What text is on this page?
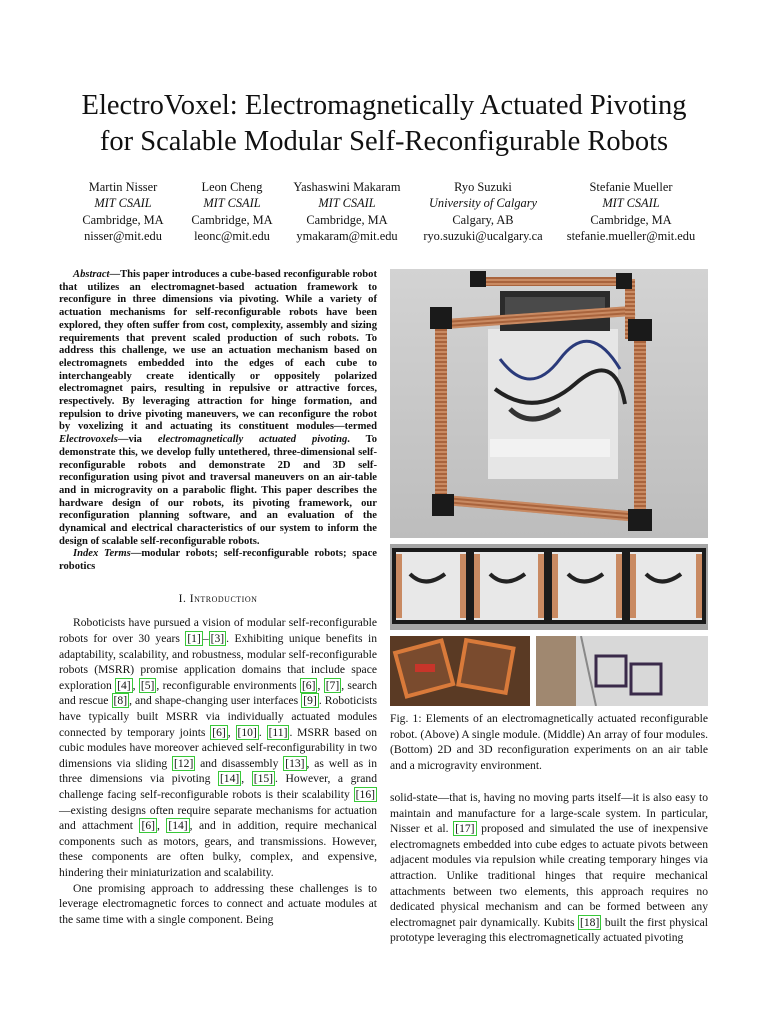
ElectroVoxel: Electromagnetically Actuated Pivoting
for Scalable Modular Self-Reconfigurable Robots
Martin Nisser
MIT CSAIL
Cambridge, MA
nisser@mit.edu
Leon Cheng
MIT CSAIL
Cambridge, MA
leonc@mit.edu
Yashaswini Makaram
MIT CSAIL
Cambridge, MA
ymakaram@mit.edu
Ryo Suzuki
University of Calgary
Calgary, AB
ryo.suzuki@ucalgary.ca
Stefanie Mueller
MIT CSAIL
Cambridge, MA
stefanie.mueller@mit.edu

Abstract—This paper introduces a cube-based reconfigurable robot that utilizes an electromagnet-based actuation framework to reconfigure in three dimensions via pivoting. While a variety of actuation mechanisms for self-reconfigurable robots have been explored, they often suffer from cost, complexity, assembly and sizing requirements that prevent scaled production of such robots. To address this challenge, we use an actuation mechanism based on electromagnets embedded into the edges of each cube to interchangeably create identically or oppositely polarized electromagnet pairs, resulting in repulsive or attractive forces, respectively. By leveraging attraction for hinge formation, and repulsion to drive pivoting maneuvers, we can reconfigure the robot by voxelizing it and actuating its constituent modules—termed Electrovoxels—via electromagnetically actuated pivoting. To demonstrate this, we develop fully untethered, three-dimensional self-reconfigurable robots and demonstrate 2D and 3D self-reconfiguration using pivot and traversal maneuvers on an air-table and in microgravity on a parabolic flight. This paper describes the hardware design of our robots, its pivoting framework, our reconfiguration planning software, and an evaluation of the dynamical and electrical characteristics of our system to inform the design of scalable self-reconfigurable robots.

Index Terms—modular robots; self-reconfigurable robots; space robotics

I. Introduction

Roboticists have pursued a vision of modular self-reconfigurable robots for over 30 years [1] – [3] . Exhibiting unique benefits in adaptability, scalability, and robustness, modular self-reconfigurable robots (MSRR) promise application domains that include space exploration [4] , [5] , reconfigurable environments [6] , [7] , search and rescue [8] , and shape-changing user interfaces [9] . Roboticists have typically built MSRR via individually actuated modules connected by temporary joints [6] , [10] . [11] . MSRR based on cubic modules have moreover achieved self-reconfigurability in two dimensions via sliding [12] and disassembly [13] , as well as in three dimensions via pivoting [14] , [15] . However, a grand challenge facing self-reconfigurable robots is their scalability [16]—existing designs often require separate mechanisms for actuation and attachment [6] , [14] , and in addition, require mechanical components such as motors, gears, and transmissions. However, these components are often bulky, complex, and expensive, hindering their miniaturization and scalability.

One promising approach to addressing these challenges is to leverage electromagnetic forces to connect and actuate modules at the same time with a single component. Being

Fig. 1: Elements of an electromagnetically actuated reconfigurable robot. (Above) A single module. (Middle) An array of four modules. (Bottom) 2D and 3D reconfiguration experiments on an air table and a microgravity environment.
solid-state—that is, having no moving parts itself—it is also easy to maintain and manufacture for a large-scale system. In particular, Nisser et al. [17] proposed and simulated the use of inexpensive electromagnets embedded into cube edges to actuate pivots between adjacent modules via repulsion while creating temporary hinges via attraction. Unlike traditional hinges that require mechanical attachments between two elements, this approach requires no dedicated physical mechanism and can be formed between any electromagnet pair dynamically. Kubits [18] built the first physical prototype leveraging this electromagnetically actuated pivoting
